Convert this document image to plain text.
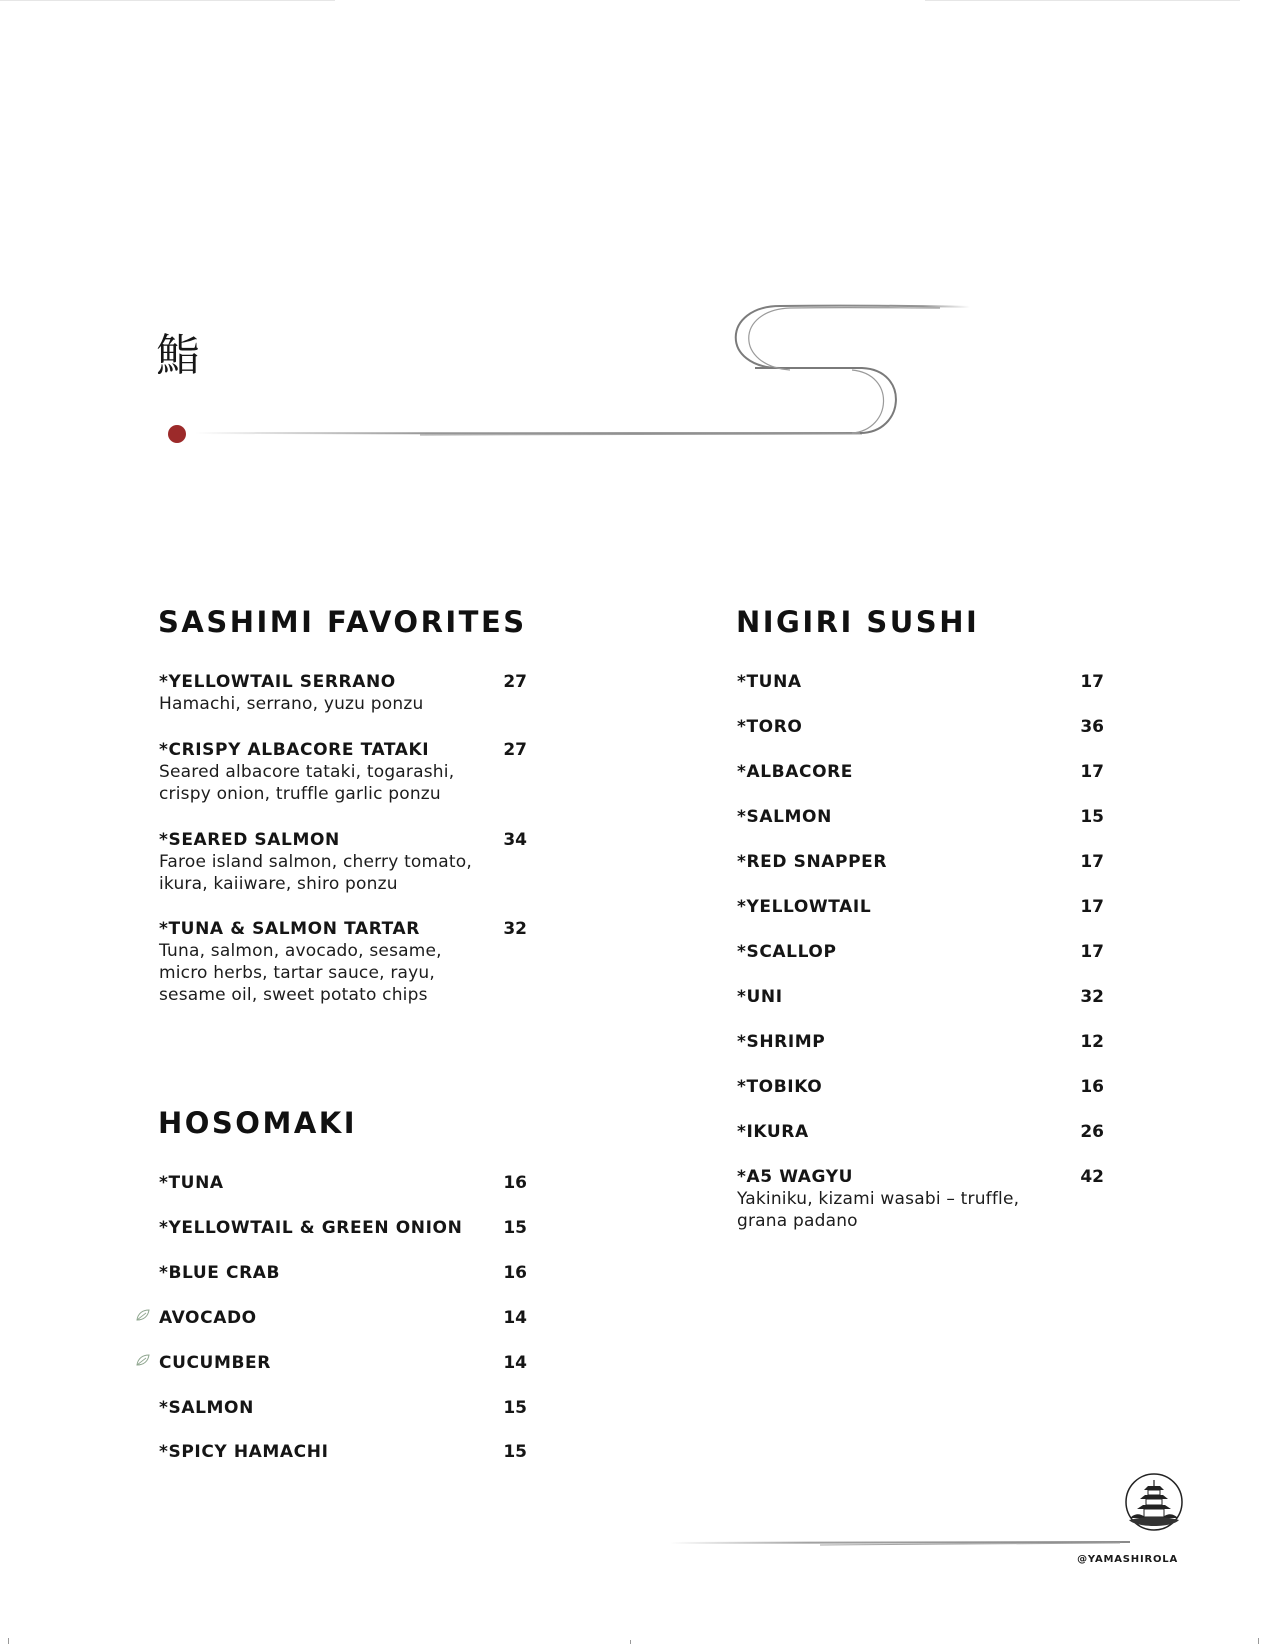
鮨
SASHIMI FAVORITES
*YELLOWTAIL SERRANO	27
Hamachi, serrano, yuzu ponzu
*CRISPY ALBACORE TATAKI	27
Seared albacore tataki, togarashi, crispy onion, truffle garlic ponzu
*SEARED SALMON	34
Faroe island salmon, cherry tomato, ikura, kaiiware, shiro ponzu
*TUNA & SALMON TARTAR	32
Tuna, salmon, avocado, sesame, micro herbs, tartar sauce, rayu, sesame oil, sweet potato chips
HOSOMAKI
*TUNA	16
*YELLOWTAIL & GREEN ONION 15
*BLUE CRAB	16
AVOCADO	14
CUCUMBER	14
*SALMON	15
*SPICY HAMACHI	15
NIGIRI SUSHI
*TUNA	17
*TORO	36
*ALBACORE	17
*SALMON	15
*RED SNAPPER	17
*YELLOWTAIL	17
*SCALLOP	17
*UNI	32
*SHRIMP	12
*TOBIKO	16
*IKURA	26
*A5 WAGYU	42
Yakiniku, kizami wasabi – truffle, grana padano
@YAMASHIROLA
